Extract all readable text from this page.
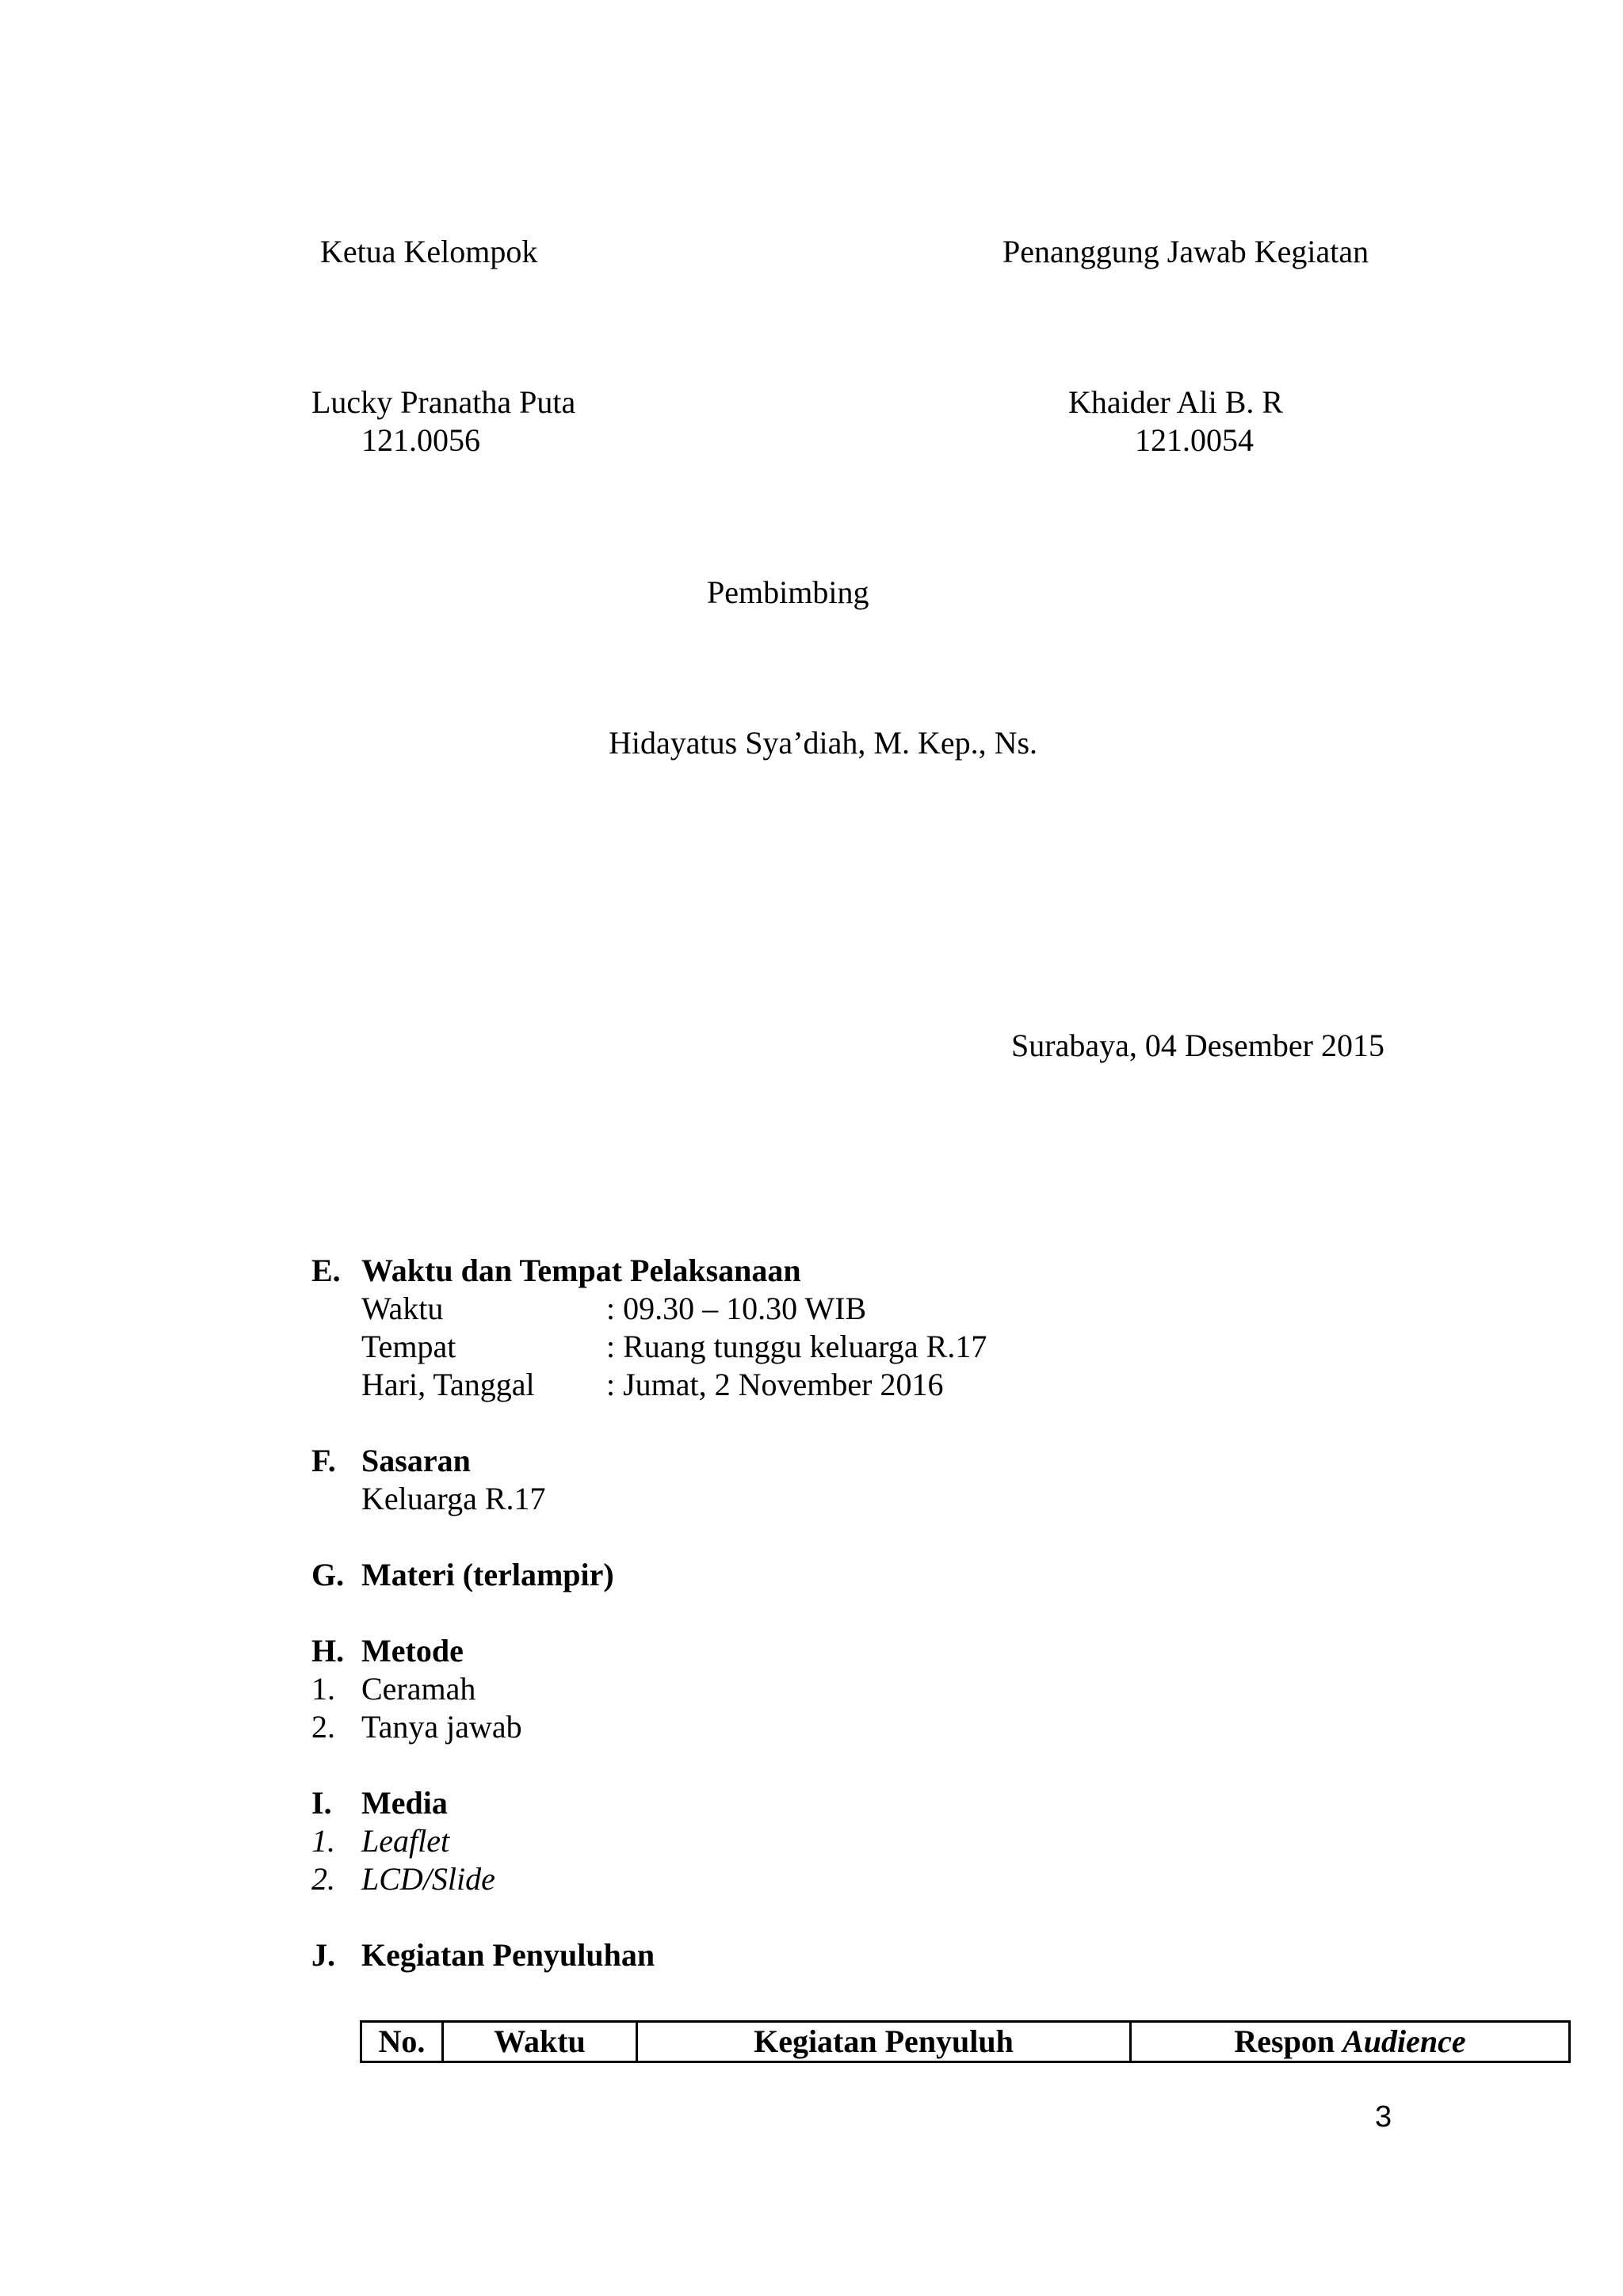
Ketua Kelompok	Penanggung Jawab Kegiatan
Lucky Pranatha Puta
121.0056
Khaider Ali B. R
121.0054
Pembimbing
Hidayatus Sya’diah, M. Kep., Ns.
Surabaya, 04 Desember 2015
E. Waktu dan Tempat Pelaksanaan
Waktu	: 09.30 – 10.30 WIB
Tempat	: Ruang tunggu keluarga R.17
Hari, Tanggal : Jumat, 2 November 2016
F. Sasaran
Keluarga R.17
G. Materi (terlampir)
H. Metode
1. Ceramah
2. Tanya jawab
I. Media
1. Leaflet
2. LCD/Slide
J. Kegiatan Penyuluhan
No.	Waktu	Kegiatan Penyuluh	Respon Audience
3
